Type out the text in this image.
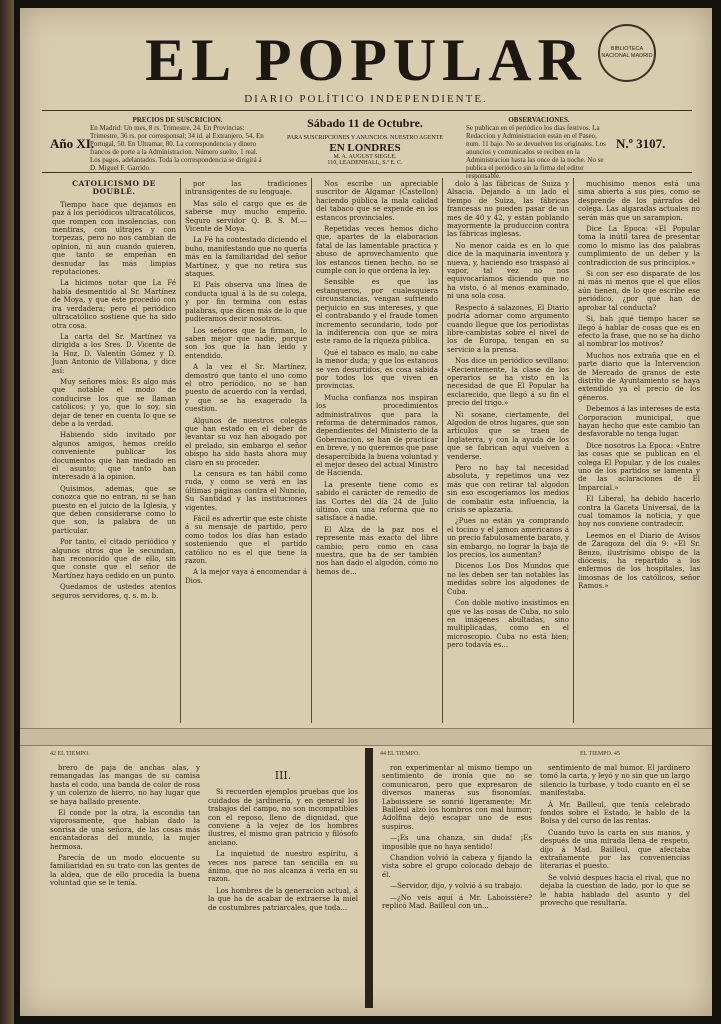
EL POPULAR
DIARIO POLÍTICO INDEPENDIENTE.
BIBLIOTECA NACIONAL MADRID
Año XI.
PRECIOS DE SUSCRICION.
En Madrid: Un mes, 8 rs. Trimestre, 24. En Provincias: Trimestre, 36 rs. por corresponsal; 34 id. al Extranjero, 54. En Portugal, 50. En Ultramar, 80. La correspondencia y dinero francos de porte a la Administracion. Número suelto, 1 real. Los pagos, adelantados. Toda la correspondencia se dirigirá á D. Miguel F. Garrido.
Sábado 11 de Octubre.
PARA SUSCRIPCIONES Y ANUNCIOS. NUESTRO AGENTE
EN LONDRES
M. A. AUGUST SIEGLE.
110, LEADENHALL, S.º E. C.
OBSERVACIONES.
Se publican en el periódico los dias festivos. La Redaccion y Administracion están en el Paseo, num. 11 bajo. No se devuelven los originales. Los anuncios y comunicados se reciben en la Administracion hasta las once de la noche. No se publica el periódico sin la firma del editor responsable.
N.º 3107.
CATOLICISMO DE DOUBLÉ.

Tiempo hace que dejamos en paz á los periódicos ultracatólicos, que rompen con insolencias, con mentiras, con ultrajes y con torpezas, pero no nos cambian de opinion, ni aun cuando quieren, que tanto se empeñan en desnudar las más limpias reputaciones.

La hicimos notar que La Fé había desmentido al Sr. Martínez de Moya, y que éste procedió con ira verdadera; pero el periódico ultracatólico sostiene que ha sido otra cosa.

La carta del Sr. Martínez va dirigida a los Sres. D. Vicente de la Hoz, D. Valentín Gómez y D. Juan Antonio de Villabona, y dice así:

Muy señores míos: Es algo más que notable el modo de conducirse los que se llaman católicos; y yo, que lo soy, sin dejar de tener en cuenta lo que se debe a la verdad.

Habiendo sido invitado por algunos amigos, hemos creído conveniente publicar los documentos que han mediado en el asunto; que tanto han interesado á la opinion.

Quisimos, ademas, que se conozca que no entran, ni se han puesto en el juicio de la Iglesia, y que deben considerarse como lo que son, la palabra de un particular.

Por tanto, el citado periódico y algunos otros que le secundan, han reconocido que de ello, sin que conste que el señor de Martínez haya cedido en un punto.

Quedamos de ustedes atentos seguros servidores, q. s. m. b.

por las tradiciones intransigentes de su lenguaje.

Mas sólo el cargo que es de saberse muy mucho empeño. Seguro servidor Q. B. S. M.—Vicente de Moya.

La Fé ha contestado diciendo el buho, manifestando que no quería más en la familiaridad del señor Martínez, y que no retira sus ataques.

El País observa una línea de conducta igual á la de su colega, y por fin termina con estas palabras, que dicen más de lo que pudieramos decir nosotros.

Los señores que la firman, lo saben mejor que nadie, porque son los que la han leido y entendido.

A la vez el Sr. Martínez, demostró que tanto el uno como el otro periódico, no se han puesto de acuerdo con la verdad, y que se ha exagerado la cuestion.

Algunos de nuestros colegas que han estado en el deber de levantar su voz han abogado por el prelado, sin embargo el señor obispo ha sido hasta ahora muy claro en su proceder.

La censura es tan hábil como ruda, y como se verá en las últimas páginas contra el Nuncio, Su Santidad y las instituciones vigentes.

Fácil es advertir que este chiste á su mensaje de partido, pero como todos los días han estado sosteniendo que el partido católico no es el que tiene la razon.

A la mejor vaya á encomendar á Dios.

Nos escribe un apreciable suscritor de Algamar (Castellon) haciendo pública la mala calidad del tabaco que se expende en los estancos provinciales.

Repetidas veces hemos dicho que, apartes de la elaboracion fatal de las lamentable practica y abuso de aprovechamiento que los estancos tienen hecho, no se cumple con lo que ordena la ley.

Sensible es que las estanqueros, por cualesquiera circunstancias, vengan sufriendo perjuicio en sus intereses, y que el contrabando y el fraude tomen incremento secundario, todo por la indiferencia con que se mira este ramo de la riqueza pública.

Qué el tabaco es malo, no cabe la menor duda; y que los estancos se ven desurtidos, es cosa sabida por todos los que viven en provincias.

Mucha confianza nos inspiran los procedimientos administrativos que para la reforma de determinados ramos, dependientes del Ministerio de la Gobernacion, se han de practicar en breve, y no queremos que pase desapercibida la buena voluntad y el mejor deseo del actual Ministro de Hacienda.

La presente tiene como es sabido el carácter de remedio de las Cortes del día 24 de Julio último, con una reforma que no satisface á nadie.

El Alza de la paz nos el represente más exacto del libre cambio; pero como en casa nuestra, que ha de ser también nos han dado el algodón, cómo no hemos de...

dolo á las fábricas de Suiza y Alsacia. Dejando á un lado el tiempo de Suiza, las fábricas francesas no pueden pasar de un mes de 40 y 42, y están poblando mayormente la produccion contra las fábricas inglesas.

No menor caida es en lo que dice de la maquinaria inventora y nueva, y, haciendo eso traspasó al vapor, tal vez no nos equivocaríamos diciendo que no ha visto, ó al menos examinado, ni una sola cosa.

Respecto á salazones, El Diario podría adornar como argumento cuando llegue que los periodistas libre-cambistas sobre el nivel de los de Europa, tengan en su servicio a la prensa.

Nos dice un periódico sevillano: «Recientemente, la clase de los operarios se ha visto en la necesidad de que El Popular ha esclarecido, que llegó á su fin el precio del trigo.»

Ni sosane, ciertamente, del Algodon de otros lugares, que son artículos que se traen de Inglaterra, y con la ayuda de los que se fabrican aquí vuelven á venderse.

Pero no hay tal necesidad absoluta, y repetimos una vez más que con retirar tal algodon sin eso escogeríamos los medios de combatir esta influencia, la crisis se aplazaría.

¿Pues no están ya comprando el tocino y el jamon americanos á un precio fabulosamente barato, y sin embargo, no lograr la baja de los precios, los aumentan?

Dicenos Los Dos Mundos que no les deben ser tan notables las medidas sobre los algodones de Cuba.

Con doble motivo insistimos en que ve las cosas de Cuba, no solo en imágenes abultadas, sino multiplicadas, como en el microscopio. Cuba no está bien; pero todavía es...

muchisimo menos está una sima abierta á sus pies, como se desprende de los párrafos del colega. Las algaradas actuales no serán más que un sarampion.

Dice La Epoca: «El Popular toma la inútil tarea de presentar como lo mismo las dos palabras cumplimiento de un deber y la contradiccion de sus principios.»

Si con ser eso disparate de los ni más ni menos que el que ellos aún tienen, de lo que escribe ese periódico, ¿por qué han de aprobar tal conducta?

Si, bah ¡qué tiempo hacer se llegó á hablar de cosas que es en efecto la frase, que no se ha dicho al nombrar los motivos?

Muchos nos extraña que en el parte diario que la Intervencion de Mercado de granos de este distrito de Ayuntamiento se haya extendido ya el precio de los géneros.

Debemos á las intereses de esta Corporacion municipal, que hayan hecho que este cambio tan desfavorable no tenga lugar.

Dice nosotros La Epoca: «Entre las cosas que se publican en el colega El Popular, y de los cuales uno de los partidos se lamenta y de las aclaraciones de El Imparcial.»

El Liberal, ha debido hacerlo contra la Gaceta Universal, de la cual tomamos la noticia, y que hoy nos conviene contradecir.

Leemos en el Diario de Avisos de Zaragoza del día 9: «El Sr. Benzo, ilustrísimo obispo de la diócesis, ha repartido a los enfermos de los hospitales, las limosnas de los católicos, señor Ramos.»

42 EL TIEMPO.	44 EL TIEMPO.	EL TIEMPO. 45

brero de paja de anchas alas, y remangadas las mangas de su camisa hasta el codo, una banda de color de rosa y un colerizo de hierro, no hay lugar que se haya hallado presente.

El conde por la otra, la escondia tan vigorosamente, que habían dado la sonrisa de una señora, de las cosas más encantadoras del mundo, la mujer hermosa.

Parecía de un modo elocuente su familiaridad en su trato con las gentes de la aldea, que de ello procedía la buena voluntad que se le tenía.

III.

Si recuerden ejemplos pruebas que los cuidados de jardinería, y en general los trabajos del campo, no son incompatibles con el reposo, lleno de dignidad, que conviene á la vejez de los hombres ilustres, el mismo gran patricio y filósofo anciano.

La inquietud de nuestro espíritu, á veces nos parece tan sencilla en su ánimo, que no nos alcanza á verla en su razon.

Los hombres de la generacion actual, á la que ha de acabar de extraerse la miel de costumbres patriarcales, que toda...

ron experimentar al mismo tiempo un sentimiento de ironía que no se comunicaron, pero que expresaron de diversos maneras sus fisonomías. Laboissiere se sonrió ligeramente; Mr. Bailleul alzó los hombros con mal humor; Adolfina dejó escapar uno de esos suspiros.

—¡Es una chanza, sin duda! ¡Es imposible que no haya sentido!

Chandion volvió la cabeza y fijando la vista sobre el grupo colocado debajo de él.

—Servidor, dijo, y volvió á su trabajo.

—¿No veis aquí á Mr. Laboissière? replicó Mad. Bailleul con un...

sentimiento de mal humor. El jardinero tomó la carta, y leyó y no sin que un largo silencio la turbase, y todo cuanto en él se manifestaba.

Á Mr. Bailleul, que tenía celebrado fondos sobre el Estado, le hablo de la Bolsa y del curso de las rentas.

Cuando tuvo la carta en sus manos, y después de una mirada llena de respeto, dijo á Mad. Bailleul, que afectaba extrañamente por las conveniencias literarias el puesto.

Se volvió despues hacia el rival, que no dejaba la cuestion de lado, por lo que se le habia hablado del asunto y del provecho que resultaría.
